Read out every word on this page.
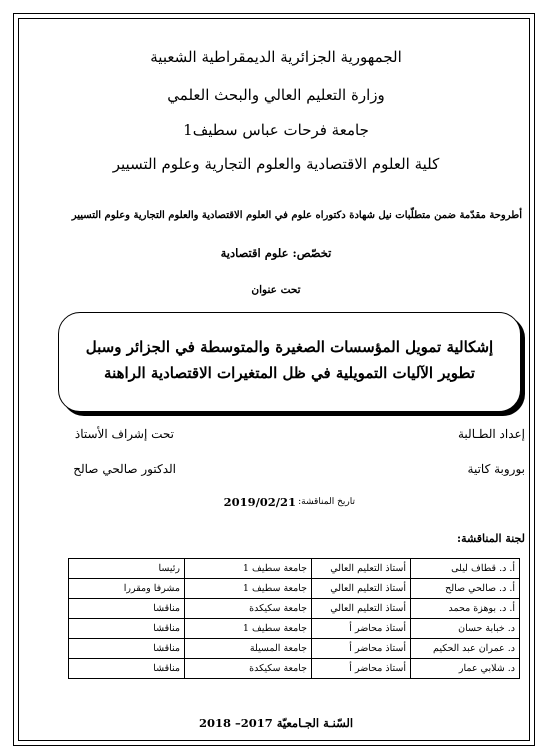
الجمهورية الجزائرية الديمقراطية الشعبية
وزارة التعليم العالي والبحث العلمي
جامعة فرحات عباس سطيف1
كلية العلوم الاقتصادية والعلوم التجارية وعلوم التسيير
أطروحة مقدّمة ضمن متطلّبات نيل شهادة دكتوراه علوم في العلوم الاقتصادية والعلوم التجارية وعلوم التسيير
تخصّص: علوم اقتصادية
تحت عنوان
إشكالية تمويل المؤسسات الصغيرة والمتوسطة في الجزائر وسبل
تطوير الآليات التمويلية في ظل المتغيرات الاقتصادية الراهنة
إعداد الطـالبة
تحت إشراف الأستاذ
بوروبة كاتية
الدكتور صالحي صالح
تاريخ المناقشة:
2019/02/21
لجنة المناقشة:
أ. د. قطاف ليلى	أستاذ التعليم العالي	جامعة سطيف 1	رئيسا
أ. د. صالحي صالح	أستاذ التعليم العالي	جامعة سطيف 1	مشرفا ومقررا
أ. د. بوهزة محمد	أستاذ التعليم العالي	جامعة سكيكدة	مناقشا
د. خبابة حسان	أستاذ محاضر أ	جامعة سطيف 1	مناقشا
د. عمران عبد الحكيم	أستاذ محاضر أ	جامعة المسيلة	مناقشا
د. شلابي عمار	أستاذ محاضر أ	جامعة سكيكدة	مناقشا
السّنـة الجـامعيّة 2017– 2018
